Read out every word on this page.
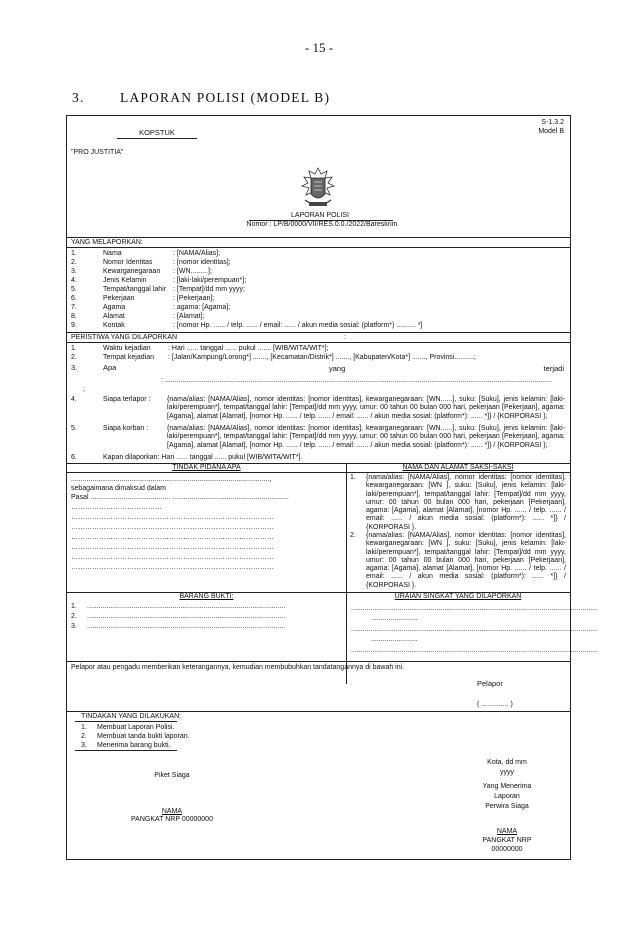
- 15 -
3.	LAPORAN POLISI (MODEL B)
S-1.3.2
Model B
KOPSTUK
"PRO JUSTITIA"
LAPORAN POLISI
Nomor : LP/B/0000/VII/RES.0.0./2022/Bareskrim
YANG MELAPORKAN:
1.	Nama	: [NAMA/Alias];
2.	Nomor Identitas	: [nomor identitas];
3.	Kewarganegaraan : [WN.........];
4.	Jenis Kelamin	: [laki-laki/perempuan*];
5.	Tempat/tanggal lahir : [Tempat]/dd mm yyyy;
6.	Pekerjaan	: [Pekerjaan];
7.	Agama	: agama: [Agama];
8.	Alamat	: [Alamat];
9.	Kontak	: [nomor Hp. ...... / telp. ...... / email: ...... / akun media sosial: (platform*) .......... *]
PERISTIWA YANG DILAPORKAN	:
1.	Waktu kejadian : Hari ...... tanggal ...... pukul ....... [WIB/WITA/WIT*];
2.	Tempat kejadian : [Jalan/Kampung/Lorong*] ......., [Kecamatan/Distrik*] ......., [Kabupaten/Kota*] ......., Provinsi..........;
3.	Apa	yang	terjadi
: .......................................................................................................................................................................................................
;
4.	Siapa terlapor : {nama/alias: [NAMA/Alias], nomor identitas: [nomor identitas], kewarganegaraan: [WN......], suku: [Suku], jenis kelamin: [laki-laki/perempuan*], tempat/tanggal lahir: [Tempat]/dd mm yyyy, umur: 00 tahun 00 bulan 000 hari, pekerjaan [Pekerjaan], agama: [Agama], alamat [Alamat], [nomor Hp. ...... / telp. ...... / email: ...... / akun media sosial: (platform*): ...... *]} / {KORPORASI };
5.	Siapa korban :	{nama/alias: [NAMA/Alias], nomor identitas: [nomor identitas], kewarganegaraan: [WN......], suku: [Suku], jenis kelamin: [laki-laki/perempuan*], tempat/tanggal lahir: [Tempat]/dd mm yyyy, umur: 00 tahun 00 bulan 000 hari, pekerjaan [Pekerjaan], agama: [Agama], alamat [Alamat], [nomor Hp. ...... / telp. ...... / email: ...... / akun media sosial: (platform*): ...... *]} / {KORPORASI };
6.	Kapan dilaporkan: Hari ...... tanggal ...... pukul [WIB/WITA/WIT*].
TINDAK PIDANA APA	NAMA DAN ALAMAT SAKSI-SAKSI
......................................................................................................,
sebagaimana dimaksud dalam
Pasal ......................................... ............................................................
…………………………………
……………………………………………………………………………
……………………………………………………………………………
……………………………………………………………………………
……………………………………………………………………………
……………………………………………………………………………
……………………………………………………………………………
1. {nama/alias: [NAMA/Alias], nomor identitas: [nomor identitas], kewarganegaraan: [WN ], suku: [Suku], jenis kelamin: [laki-laki/perempuan*], tempat/tanggal lahir: [Tempat]/dd mm yyyy, umur: 00 tahun 00 bulan 000 hari, pekerjaan [Pekerjaan], agama: [Agama], alamat [Alamat], [nomor Hp. ...... / telp. ...... / email: ...... / akun media sosial: (platform*): ...... *]} / {KORPORASI }.
2. {nama/alias: [NAMA/Alias], nomor identitas: [nomor identitas], kewarganegaraan: [WN ], suku: [Suku], jenis kelamin: [laki-laki/perempuan*], tempat/tanggal lahir: [Tempat]/dd mm yyyy, umur: 00 tahun 00 bulan 000 hari, pekerjaan [Pekerjaan], agama: [Agama], alamat [Alamat], [nomor Hp. ...... / telp. ...... / email: ...... / akun media sosial: (platform*): ...... *]} / {KORPORASI }.
BARANG BUKTI:	URAIAN SINGKAT YANG DILAPORKAN
1. ......................................................................................................
2. ......................................................................................................
3. ......................................................................................................
...............................................................................................................................
........................
...............................................................................................................................
........................
...............................................................................................................................
........................
Pelapor atau pengadu memberikan keterangannya, kemudian membubuhkan tandatangannya di bawah ini.
Pelapor
( .............. )
TINDAKAN YANG DILAKUKAN:
1. Membuat Laporan Polisi.
2. Membuat tanda bukti laporan.
3. Menerima barang bukti.
Kota, dd mm
yyyy
Yang Menerima
Laporan
Perwira Siaga
Piket Siaga
NAMA
PANGKAT NRP 00000000
NAMA
PANGKAT NRP
00000000
